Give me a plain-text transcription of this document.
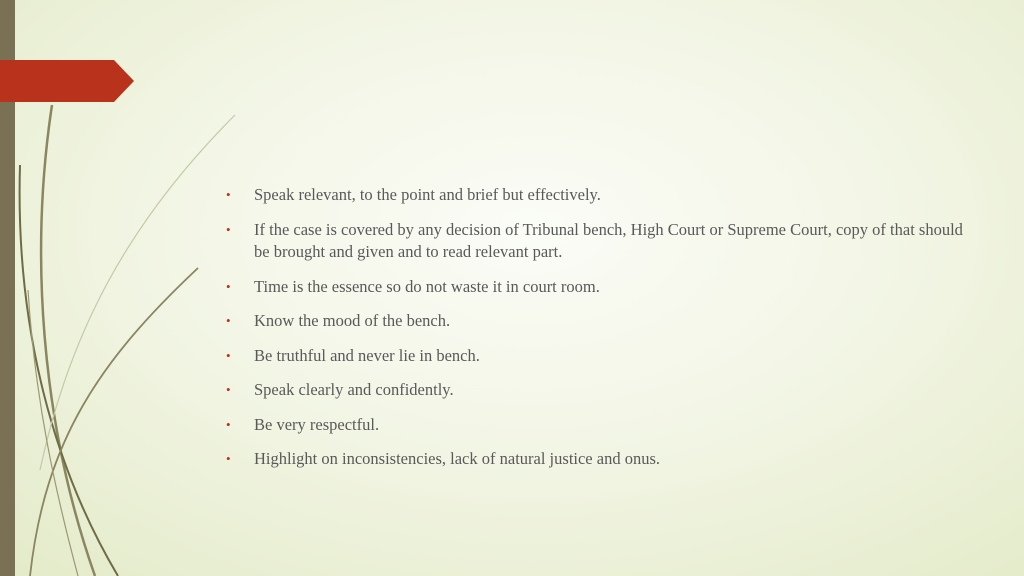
• Speak relevant, to the point and brief but effectively.
• If the case is covered by any decision of Tribunal bench, High Court or Supreme Court, copy of that should be brought and given and to read relevant part.
• Time is the essence so do not waste it in court room.
• Know the mood of the bench.
• Be truthful and never lie in bench.
• Speak clearly and confidently.
• Be very respectful.
• Highlight on inconsistencies, lack of natural justice and onus.
